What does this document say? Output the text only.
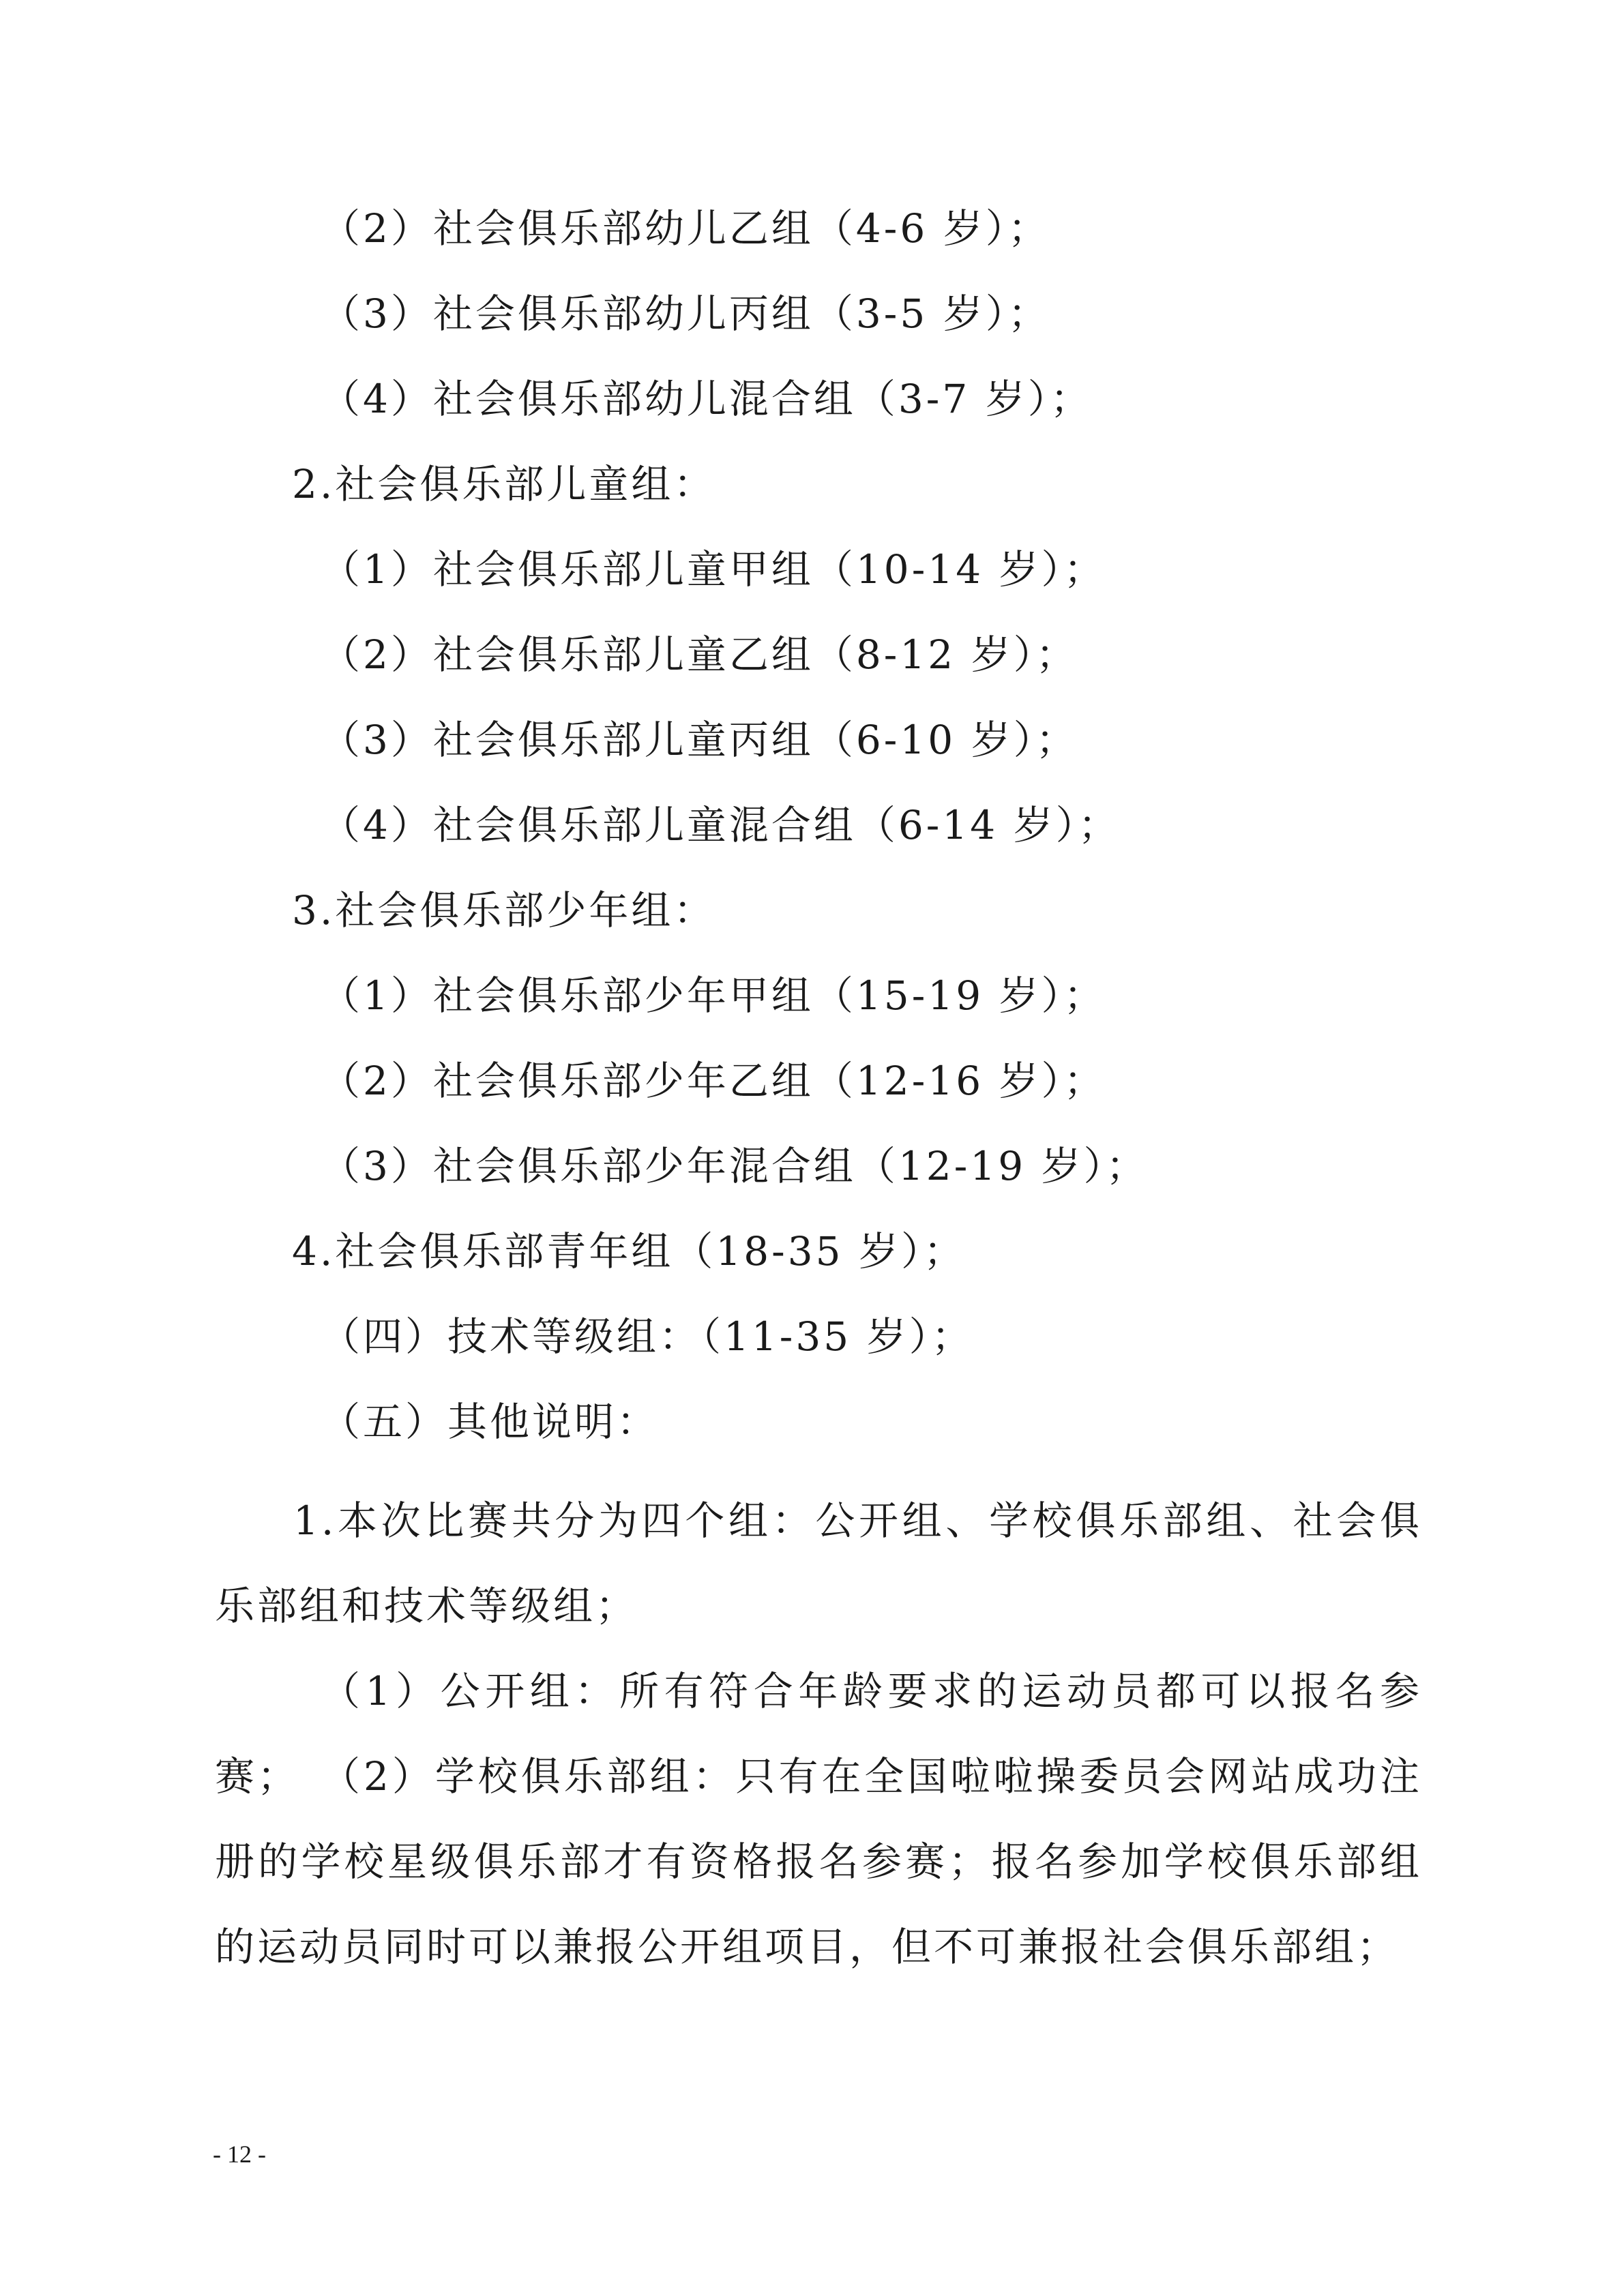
（2）社会俱乐部幼儿乙组（4-6 岁）；
（3）社会俱乐部幼儿丙组（3-5 岁）；
（4）社会俱乐部幼儿混合组（3-7 岁）；
2.社会俱乐部儿童组：
（1）社会俱乐部儿童甲组（10-14 岁）；
（2）社会俱乐部儿童乙组（8-12 岁）；
（3）社会俱乐部儿童丙组（6-10 岁）；
（4）社会俱乐部儿童混合组（6-14 岁）；
3.社会俱乐部少年组：
（1）社会俱乐部少年甲组（15-19 岁）；
（2）社会俱乐部少年乙组（12-16 岁）；
（3）社会俱乐部少年混合组（12-19 岁）；
4.社会俱乐部青年组（18-35 岁）；
（四）技术等级组：（11-35 岁）；
（五）其他说明：
1.本次比赛共分为四个组：公开组、学校俱乐部组、社会俱乐部组和技术等级组；
（1）公开组：所有符合年龄要求的运动员都可以报名参赛； （2）学校俱乐部组：只有在全国啦啦操委员会网站成功注册的学校星级俱乐部才有资格报名参赛；报名参加学校俱乐部组的运动员同时可以兼报公开组项目，但不可兼报社会俱乐部组；
- 12 -
